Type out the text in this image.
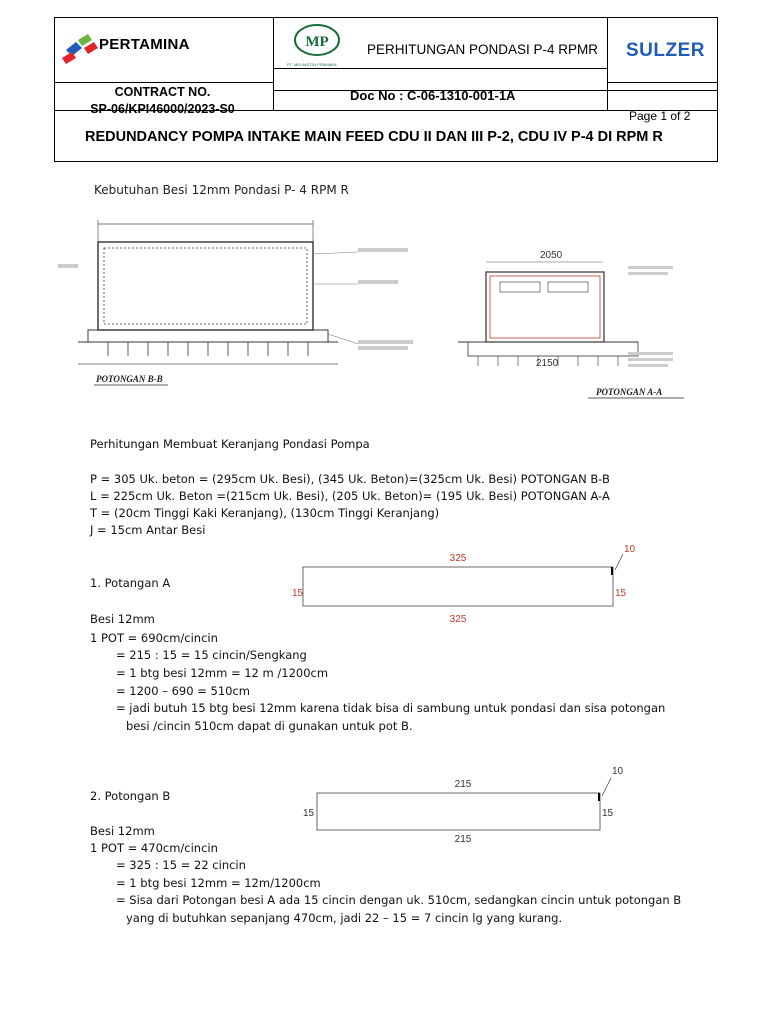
PERTAMINA	MP
PT. MELANTON PRAMAKA
PERHITUNGAN PONDASI P-4 RPMR SULZER
CONTRACT NO.
SP-06/KPI46000/2023-S0
Doc No : C-06-1310-001-1A
Page 1 of 2
REDUNDANCY POMPA INTAKE MAIN FEED CDU II DAN III P-2, CDU IV P-4 DI RPM R
Kebutuhan Besi 12mm Pondasi P- 4 RPM R
POTONGAN B-B
2050
2150
POTONGAN A-A
Perhitungan Membuat Keranjang Pondasi Pompa
P = 305 Uk. beton = (295cm Uk. Besi), (345 Uk. Beton)=(325cm Uk. Besi) POTONGAN B-B
L = 225cm Uk. Beton =(215cm Uk. Besi), (205 Uk. Beton)= (195 Uk. Besi) POTONGAN A-A
T = (20cm Tinggi Kaki Keranjang), (130cm Tinggi Keranjang)
J = 15cm Antar Besi
1. Potangan A
325
325
15	15
10
Besi 12mm
1 POT = 690cm/cincin
= 215 : 15 = 15 cincin/Sengkang
= 1 btg besi 12mm = 12 m /1200cm
= 1200 – 690 = 510cm
= jadi butuh 15 btg besi 12mm karena tidak bisa di sambung untuk pondasi dan sisa potongan
besi /cincin 510cm dapat di gunakan untuk pot B.
2. Potongan B
215
215
15	15
10
Besi 12mm
1 POT = 470cm/cincin
= 325 : 15 = 22 cincin
= 1 btg besi 12mm = 12m/1200cm
= Sisa dari Potongan besi A ada 15 cincin dengan uk. 510cm, sedangkan cincin untuk potongan B
yang di butuhkan sepanjang 470cm, jadi 22 – 15 = 7 cincin lg yang kurang.
